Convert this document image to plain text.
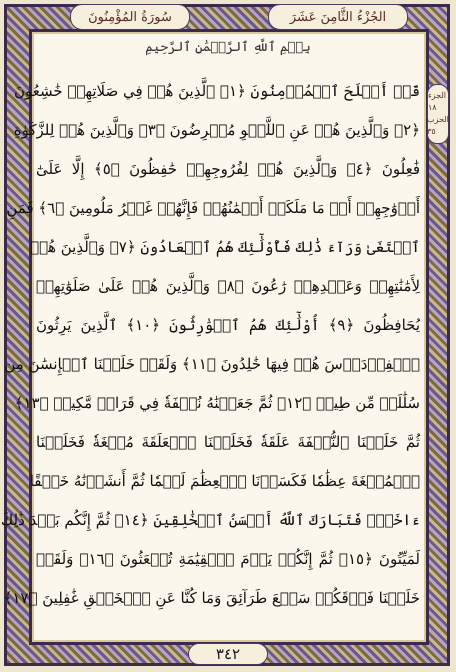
سُورَةُ المُؤْمِنُونَ	الجُزْءُ الثَّامِنَ عَشَرَ
الجزء ١٨
الحزب ٣٥
بِسۡمِ ٱللَّهِ ٱلرَّحۡمَٰنِ ٱلرَّحِيمِ
قَدۡ أَفۡلَحَ ٱلۡمُؤۡمِنُونَ ﴿١﴾ ٱلَّذِينَ هُمۡ فِي صَلَاتِهِمۡ خَٰشِعُونَ
﴿٢﴾ وَٱلَّذِينَ هُمۡ عَنِ ٱللَّغۡوِ مُعۡرِضُونَ ﴿٣﴾ وَٱلَّذِينَ هُمۡ لِلزَّكَوٰةِ
فَٰعِلُونَ ﴿٤﴾ وَٱلَّذِينَ هُمۡ لِفُرُوجِهِمۡ حَٰفِظُونَ ﴿٥﴾ إِلَّا عَلَىٰٓ
أَزۡوَٰجِهِمۡ أَوۡ مَا مَلَكَتۡ أَيۡمَٰنُهُمۡ فَإِنَّهُمۡ غَيۡرُ مَلُومِينَ ﴿٦﴾ فَمَنِ
ٱبۡتَغَىٰ وَرَآءَ ذَٰلِكَ فَأُوْلَٰٓئِكَ هُمُ ٱلۡعَادُونَ ﴿٧﴾ وَٱلَّذِينَ هُمۡ
لِأَمَٰنَٰتِهِمۡ وَعَهۡدِهِمۡ رَٰعُونَ ﴿٨﴾ وَٱلَّذِينَ هُمۡ عَلَىٰ صَلَوَٰتِهِمۡ
يُحَافِظُونَ ﴿٩﴾ أُوْلَٰٓئِكَ هُمُ ٱلۡوَٰرِثُونَ ﴿١٠﴾ ٱلَّذِينَ يَرِثُونَ
ٱلۡفِرۡدَوۡسَ هُمۡ فِيهَا خَٰلِدُونَ ﴿١١﴾ وَلَقَدۡ خَلَقۡنَا ٱلۡإِنسَٰنَ مِن
سُلَٰلَةٖ مِّن طِينٖ ﴿١٢﴾ ثُمَّ جَعَلۡنَٰهُ نُطۡفَةٗ فِي قَرَارٖ مَّكِينٖ ﴿١٣﴾
ثُمَّ خَلَقۡنَا ٱلنُّطۡفَةَ عَلَقَةٗ فَخَلَقۡنَا ٱلۡعَلَقَةَ مُضۡغَةٗ فَخَلَقۡنَا
ٱلۡمُضۡغَةَ عِظَٰمٗا فَكَسَوۡنَا ٱلۡعِظَٰمَ لَحۡمٗا ثُمَّ أَنشَأۡنَٰهُ خَلۡقًا
ءَاخَرَۚ فَتَبَارَكَ ٱللَّهُ أَحۡسَنُ ٱلۡخَٰلِقِينَ ﴿١٤﴾ ثُمَّ إِنَّكُم بَعۡدَ ذَٰلِكَ
لَمَيِّتُونَ ﴿١٥﴾ ثُمَّ إِنَّكُمۡ يَوۡمَ ٱلۡقِيَٰمَةِ تُبۡعَثُونَ ﴿١٦﴾ وَلَقَدۡ
خَلَقۡنَا فَوۡقَكُمۡ سَبۡعَ طَرَآئِقَ وَمَا كُنَّا عَنِ ٱلۡخَلۡقِ غَٰفِلِينَ ﴿١٧﴾
٣٤٢
